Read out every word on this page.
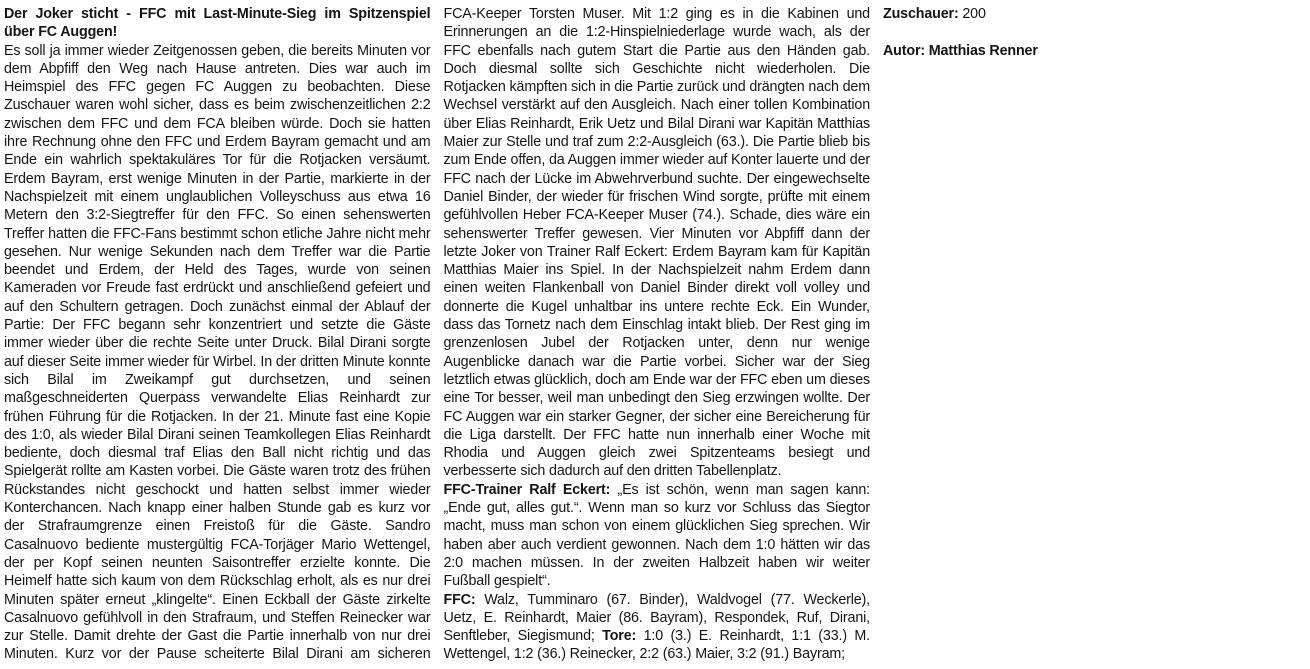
Der Joker sticht - FFC mit Last-Minute-Sieg im Spitzenspiel über FC Auggen!

Es soll ja immer wieder Zeitgenossen geben, die bereits Minuten vor dem Abpfiff den Weg nach Hause antreten. Dies war auch im Heimspiel des FFC gegen FC Auggen zu beobachten. Diese Zuschauer waren wohl sicher, dass es beim zwischenzeitlichen 2:2 zwischen dem FFC und dem FCA bleiben würde. Doch sie hatten ihre Rechnung ohne den FFC und Erdem Bayram gemacht und am Ende ein wahrlich spektakuläres Tor für die Rotjacken versäumt. Erdem Bayram, erst wenige Minuten in der Partie, markierte in der Nachspielzeit mit einem unglaublichen Volleyschuss aus etwa 16 Metern den 3:2-Siegtreffer für den FFC. So einen sehenswerten Treffer hatten die FFC-Fans bestimmt schon etliche Jahre nicht mehr gesehen. Nur wenige Sekunden nach dem Treffer war die Partie beendet und Erdem, der Held des Tages, wurde von seinen Kameraden vor Freude fast erdrückt und anschließend gefeiert und auf den Schultern getragen. Doch zunächst einmal der Ablauf der Partie: Der FFC begann sehr konzentriert und setzte die Gäste immer wieder über die rechte Seite unter Druck. Bilal Dirani sorgte auf dieser Seite immer wieder für Wirbel. In der dritten Minute konnte sich Bilal im Zweikampf gut durchsetzen, und seinen maßgeschneiderten Querpass verwandelte Elias Reinhardt zur frühen Führung für die Rotjacken. In der 21. Minute fast eine Kopie des 1:0, als wieder Bilal Dirani seinen Teamkollegen Elias Reinhardt bediente, doch diesmal traf Elias den Ball nicht richtig und das Spielgerät rollte am Kasten vorbei. Die Gäste waren trotz des frühen Rückstandes nicht geschockt und hatten selbst immer wieder Konterchancen. Nach knapp einer halben Stunde gab es kurz vor der Strafraumgrenze einen Freistoß für die Gäste. Sandro Casalnuovo bediente mustergültig FCA-Torjäger Mario Wettengel, der per Kopf seinen neunten Saisontreffer erzielte konnte. Die Heimelf hatte sich kaum von dem Rückschlag erholt, als es nur drei Minuten später erneut „klingelte“. Einen Eckball der Gäste zirkelte Casalnuovo gefühlvoll in den Strafraum, und Steffen Reinecker war zur Stelle. Damit drehte der Gast die Partie innerhalb von nur drei Minuten. Kurz vor der Pause scheiterte Bilal Dirani am sicheren FCA-Keeper Torsten Muser. Mit 1:2 ging es in die Kabinen und Erinnerungen an die 1:2-Hinspielniederlage wurde wach, als der FFC ebenfalls nach gutem Start die Partie aus den Händen gab. Doch diesmal sollte sich Geschichte nicht wiederholen. Die Rotjacken kämpften sich in die Partie zurück und drängten nach dem Wechsel verstärkt auf den Ausgleich. Nach einer tollen Kombination über Elias Reinhardt, Erik Uetz und Bilal Dirani war Kapitän Matthias Maier zur Stelle und traf zum 2:2-Ausgleich (63.). Die Partie blieb bis zum Ende offen, da Auggen immer wieder auf Konter lauerte und der FFC nach der Lücke im Abwehrverbund suchte. Der eingewechselte Daniel Binder, der wieder für frischen Wind sorgte, prüfte mit einem gefühlvollen Heber FCA-Keeper Muser (74.). Schade, dies wäre ein sehenswerter Treffer gewesen. Vier Minuten vor Abpfiff dann der letzte Joker von Trainer Ralf Eckert: Erdem Bayram kam für Kapitän Matthias Maier ins Spiel. In der Nachspielzeit nahm Erdem dann einen weiten Flankenball von Daniel Binder direkt voll volley und donnerte die Kugel unhaltbar ins untere rechte Eck. Ein Wunder, dass das Tornetz nach dem Einschlag intakt blieb. Der Rest ging im grenzenlosen Jubel der Rotjacken unter, denn nur wenige Augenblicke danach war die Partie vorbei. Sicher war der Sieg letztlich etwas glücklich, doch am Ende war der FFC eben um dieses eine Tor besser, weil man unbedingt den Sieg erzwingen wollte. Der FC Auggen war ein starker Gegner, der sicher eine Bereicherung für die Liga darstellt. Der FFC hatte nun innerhalb einer Woche mit Rhodia und Auggen gleich zwei Spitzenteams besiegt und verbesserte sich dadurch auf den dritten Tabellenplatz.

FFC-Trainer Ralf Eckert: „Es ist schön, wenn man sagen kann: „Ende gut, alles gut.“. Wenn man so kurz vor Schluss das Siegtor macht, muss man schon von einem glücklichen Sieg sprechen. Wir haben aber auch verdient gewonnen. Nach dem 1:0 hätten wir das 2:0 machen müssen. In der zweiten Halbzeit haben wir weiter Fußball gespielt“.

FFC: Walz, Tumminaro (67. Binder), Waldvogel (77. Weckerle), Uetz, E. Reinhardt, Maier (86. Bayram), Respondek, Ruf, Dirani, Senftleber, Siegismund; Tore: 1:0 (3.) E. Reinhardt, 1:1 (33.) M. Wettengel, 1:2 (36.) Reinecker, 2:2 (63.) Maier, 3:2 (91.) Bayram;

Zuschauer: 200

Autor: Matthias Renner
